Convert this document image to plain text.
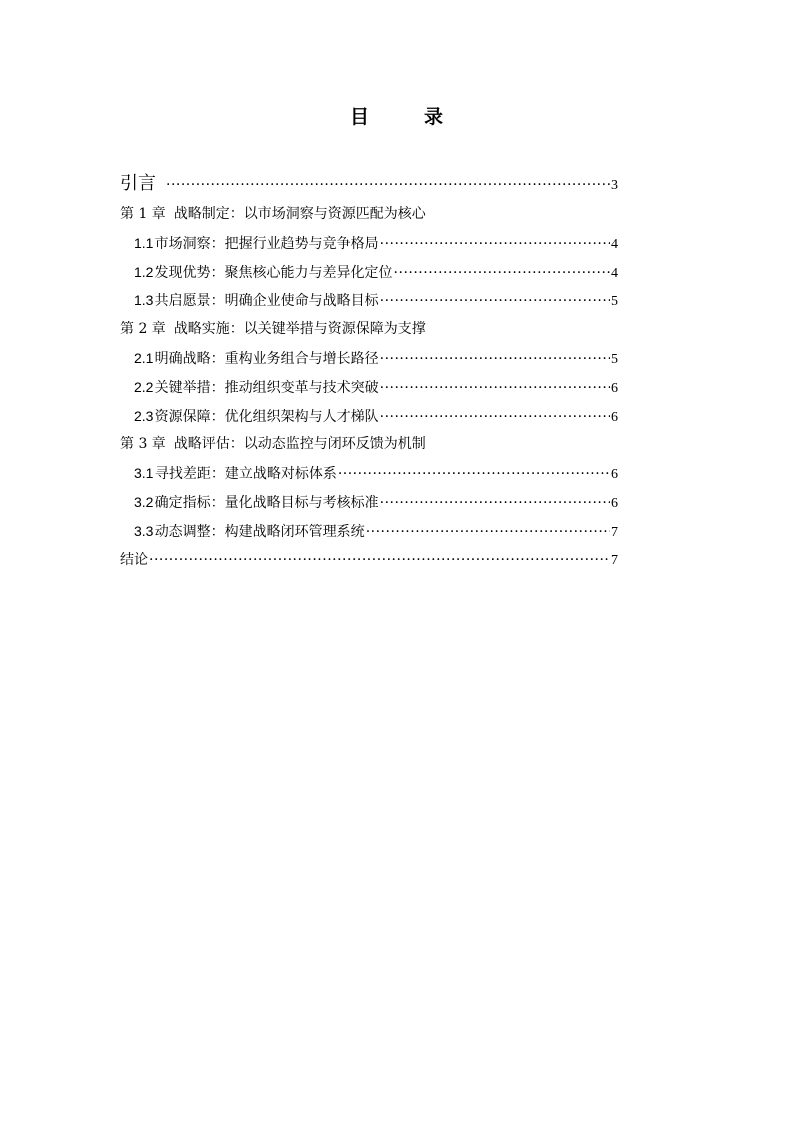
目　录
引言 ·····	3
第 1 章 战略制定：以市场洞察与资源匹配为核心
1.1 市场洞察：把握行业趋势与竞争格局 ·····	4
1.2 发现优势：聚焦核心能力与差异化定位 ·····	4
1.3 共启愿景：明确企业使命与战略目标 ·····	5
第 2 章 战略实施：以关键举措与资源保障为支撑
2.1 明确战略：重构业务组合与增长路径 ·····	5
2.2 关键举措：推动组织变革与技术突破 ·····	6
2.3 资源保障：优化组织架构与人才梯队 ·····	6
第 3 章 战略评估：以动态监控与闭环反馈为机制
3.1 寻找差距：建立战略对标体系 ·····	6
3.2 确定指标：量化战略目标与考核标准 ·····	6
3.3 动态调整：构建战略闭环管理系统 ·····	7
结论 ·····	7
